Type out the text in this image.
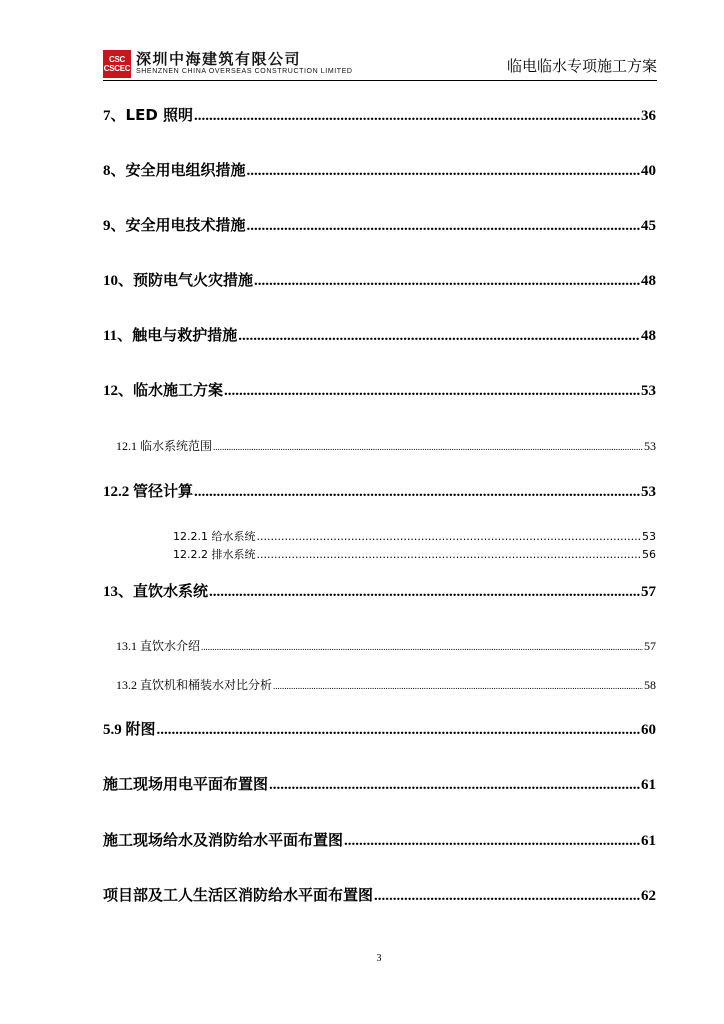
CSC
CSCEC
深圳中海建筑有限公司
SHENZNEN CHINA OVERSEAS CONSTRUCTION LIMITED	临电临水专项施工方案
7、LED 照明 .....	36
8、安全用电组织措施 .....	40
9、安全用电技术措施 .....	45
10、预防电气火灾措施 .....	48
11、触电与救护措施 .....	48
12、临水施工方案 .....	53
12.1 临水系统范围 .....	53
12.2 管径计算 .....	53
12.2.1 给水系统 .....	53
12.2.2 排水系统 .....	56
13、直饮水系统 .....	57
13.1 直饮水介绍 .....	57
13.2 直饮机和桶装水对比分析 .....	58
5.9 附图 .....	60
施工现场用电平面布置图 .....	61
施工现场给水及消防给水平面布置图 .....	61
项目部及工人生活区消防给水平面布置图 .....	62
3
